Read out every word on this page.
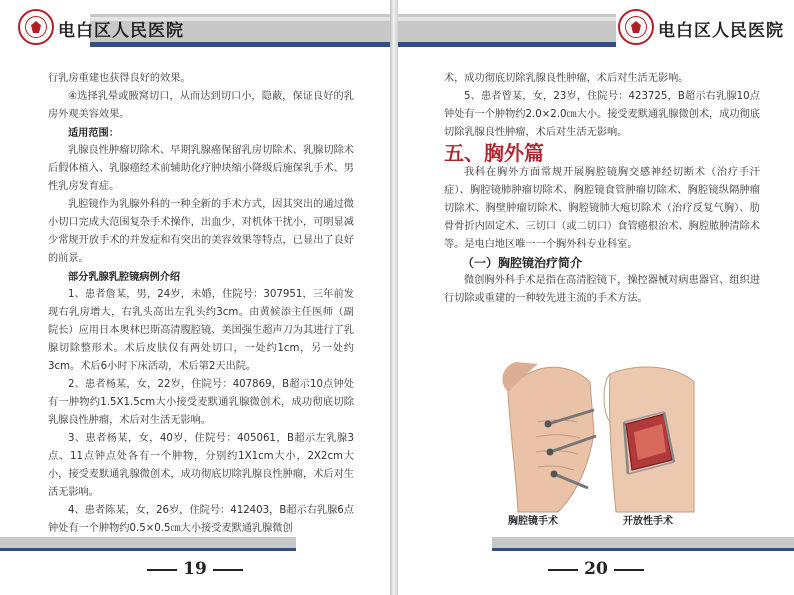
电白区人民医院

行乳房重建也获得良好的效果。

④选择乳晕或腋窝切口，从而达到切口小，隐蔽，保证良好的乳房外观美容效果。

适用范围：

乳腺良性肿瘤切除术、早期乳腺癌保留乳房切除术、乳腺切除术后假体植入、乳腺癌经术前辅助化疗肿块缩小降级后施保乳手术、男性乳房发育症。

乳腔镜作为乳腺外科的一种全新的手术方式，因其突出的通过微小切口完成大范围复杂手术操作，出血少，对机体干扰小，可明显减少常规开放手术的并发症和有突出的美容效果等特点，已显出了良好的前景。

部分乳腺乳腔镜病例介绍

1、患者詹某，男，24岁，未婚，住院号：307951，三年前发现右乳房增大，右乳头高出左乳头约3cm。由黄候添主任医师（副院长）应用日本奥林巴斯高清腹腔镜、美国强生超声刀为其进行了乳腺切除整形术。术后皮肤仅有两处切口，一处约1cm，另一处约3cm。术后6小时下床活动，术后第2天出院。

2、患者杨某，女，22岁，住院号：407869，B超示10点钟处有一肿物约1.5X1.5cm大小接受麦默通乳腺微创术，成功彻底切除乳腺良性肿瘤，术后对生活无影响。

3、患者杨某，女，40岁，住院号：405061，B超示左乳腺3点、11点钟点处各有一个肿物，分别约1X1cm大小，2X2cm大小，接受麦默通乳腺微创术，成功彻底切除乳腺良性肿瘤，术后对生活无影响。

4、患者陈某，女，26岁，住院号：412403，B超示右乳腺6点钟处有一个肿物约0.5×0.5㎝大小接受麦默通乳腺微创

19
电白区人民医院

术，成功彻底切除乳腺良性肿瘤，术后对生活无影响。

5、患者曾某，女，23岁，住院号：423725，B超示右乳腺10点钟处有一个肿物约2.0×2.0㎝大小。接受麦默通乳腺微创术，成功彻底切除乳腺良性肿瘤，术后对生活无影响。

五、胸外篇

我科在胸外方面常规开展胸腔镜胸交感神经切断术（治疗手汗症）、胸腔镜肺肿瘤切除术、胸腔镜食管肿瘤切除术、胸腔镜纵隔肿瘤切除术、胸壁肿瘤切除术、胸腔镜肺大疱切除术（治疗反复气胸）、肋骨骨折内固定术、三切口（或二切口）食管癌根治术、胸腔脓肿清除术等。是电白地区唯一一个胸外科专业科室。

（一）胸腔镜治疗简介

微创胸外科手术是指在高清腔镜下，操控器械对病患器官、组织进行切除或重建的一种较先进主流的手术方法。

胸腔镜手术	开放性手术
20
